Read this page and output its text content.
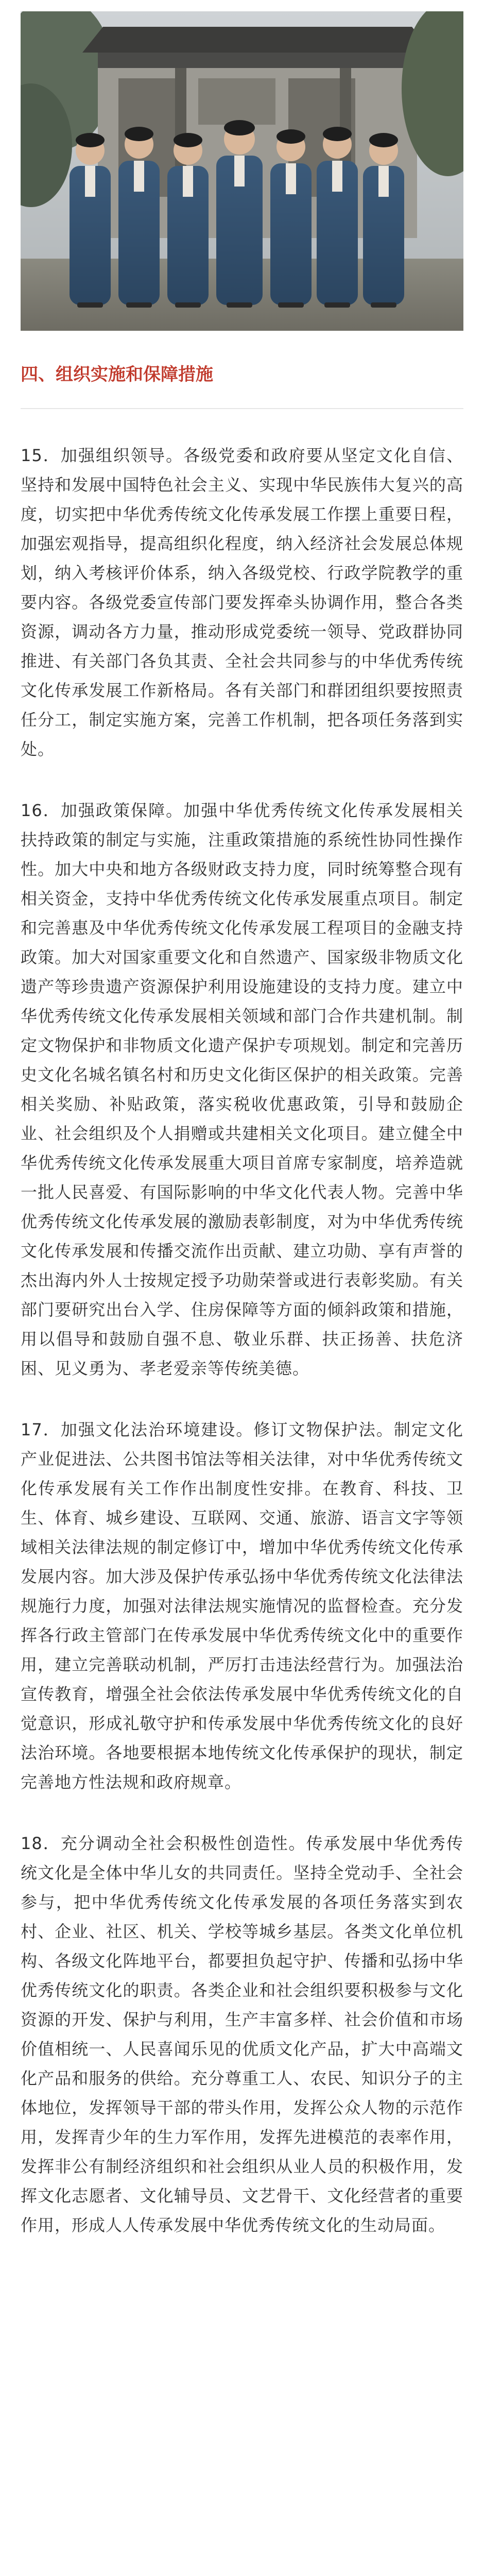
四、组织实施和保障措施

15．加强组织领导。各级党委和政府要从坚定文化自信、坚持和发展中国特色社会主义、实现中华民族伟大复兴的高度，切实把中华优秀传统文化传承发展工作摆上重要日程，加强宏观指导，提高组织化程度，纳入经济社会发展总体规划，纳入考核评价体系，纳入各级党校、行政学院教学的重要内容。各级党委宣传部门要发挥牵头协调作用，整合各类资源，调动各方力量，推动形成党委统一领导、党政群协同推进、有关部门各负其责、全社会共同参与的中华优秀传统文化传承发展工作新格局。各有关部门和群团组织要按照责任分工，制定实施方案，完善工作机制，把各项任务落到实处。

16．加强政策保障。加强中华优秀传统文化传承发展相关扶持政策的制定与实施，注重政策措施的系统性协同性操作性。加大中央和地方各级财政支持力度，同时统筹整合现有相关资金，支持中华优秀传统文化传承发展重点项目。制定和完善惠及中华优秀传统文化传承发展工程项目的金融支持政策。加大对国家重要文化和自然遗产、国家级非物质文化遗产等珍贵遗产资源保护利用设施建设的支持力度。建立中华优秀传统文化传承发展相关领域和部门合作共建机制。制定文物保护和非物质文化遗产保护专项规划。制定和完善历史文化名城名镇名村和历史文化街区保护的相关政策。完善相关奖励、补贴政策，落实税收优惠政策，引导和鼓励企业、社会组织及个人捐赠或共建相关文化项目。建立健全中华优秀传统文化传承发展重大项目首席专家制度，培养造就一批人民喜爱、有国际影响的中华文化代表人物。完善中华优秀传统文化传承发展的激励表彰制度，对为中华优秀传统文化传承发展和传播交流作出贡献、建立功勋、享有声誉的杰出海内外人士按规定授予功勋荣誉或进行表彰奖励。有关部门要研究出台入学、住房保障等方面的倾斜政策和措施，用以倡导和鼓励自强不息、敬业乐群、扶正扬善、扶危济困、见义勇为、孝老爱亲等传统美德。

17．加强文化法治环境建设。修订文物保护法。制定文化产业促进法、公共图书馆法等相关法律，对中华优秀传统文化传承发展有关工作作出制度性安排。在教育、科技、卫生、体育、城乡建设、互联网、交通、旅游、语言文字等领域相关法律法规的制定修订中，增加中华优秀传统文化传承发展内容。加大涉及保护传承弘扬中华优秀传统文化法律法规施行力度，加强对法律法规实施情况的监督检查。充分发挥各行政主管部门在传承发展中华优秀传统文化中的重要作用，建立完善联动机制，严厉打击违法经营行为。加强法治宣传教育，增强全社会依法传承发展中华优秀传统文化的自觉意识，形成礼敬守护和传承发展中华优秀传统文化的良好法治环境。各地要根据本地传统文化传承保护的现状，制定完善地方性法规和政府规章。

18．充分调动全社会积极性创造性。传承发展中华优秀传统文化是全体中华儿女的共同责任。坚持全党动手、全社会参与，把中华优秀传统文化传承发展的各项任务落实到农村、企业、社区、机关、学校等城乡基层。各类文化单位机构、各级文化阵地平台，都要担负起守护、传播和弘扬中华优秀传统文化的职责。各类企业和社会组织要积极参与文化资源的开发、保护与利用，生产丰富多样、社会价值和市场价值相统一、人民喜闻乐见的优质文化产品，扩大中高端文化产品和服务的供给。充分尊重工人、农民、知识分子的主体地位，发挥领导干部的带头作用，发挥公众人物的示范作用，发挥青少年的生力军作用，发挥先进模范的表率作用，发挥非公有制经济组织和社会组织从业人员的积极作用，发挥文化志愿者、文化辅导员、文艺骨干、文化经营者的重要作用，形成人人传承发展中华优秀传统文化的生动局面。
